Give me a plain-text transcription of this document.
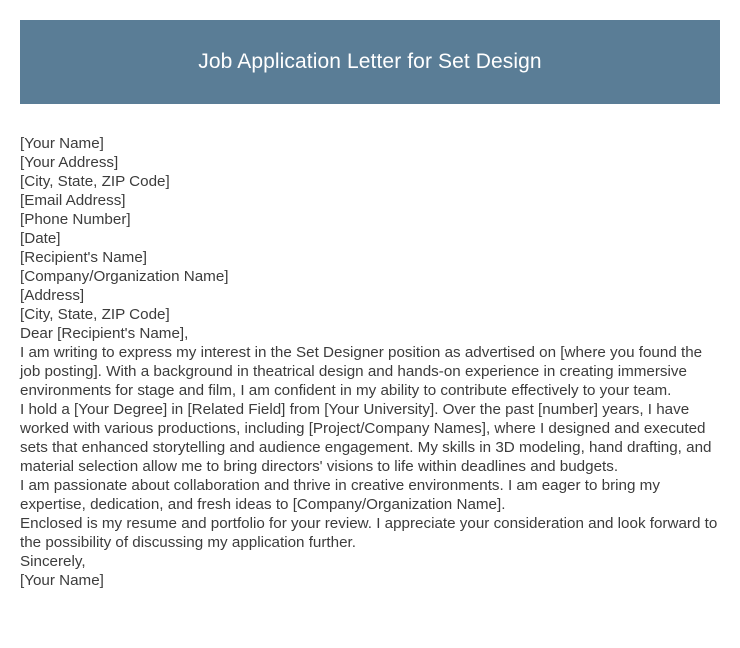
Job Application Letter for Set Design

[Your Name]

[Your Address]

[City, State, ZIP Code]

[Email Address]

[Phone Number]

[Date]

[Recipient's Name]

[Company/Organization Name]

[Address]

[City, State, ZIP Code]

Dear [Recipient's Name],

I am writing to express my interest in the Set Designer position as advertised on [where you found the job posting]. With a background in theatrical design and hands-on experience in creating immersive environments for stage and film, I am confident in my ability to contribute effectively to your team.

I hold a [Your Degree] in [Related Field] from [Your University]. Over the past [number] years, I have worked with various productions, including [Project/Company Names], where I designed and executed sets that enhanced storytelling and audience engagement. My skills in 3D modeling, hand drafting, and material selection allow me to bring directors' visions to life within deadlines and budgets.

I am passionate about collaboration and thrive in creative environments. I am eager to bring my expertise, dedication, and fresh ideas to [Company/Organization Name].

Enclosed is my resume and portfolio for your review. I appreciate your consideration and look forward to the possibility of discussing my application further.

Sincerely,

[Your Name]
